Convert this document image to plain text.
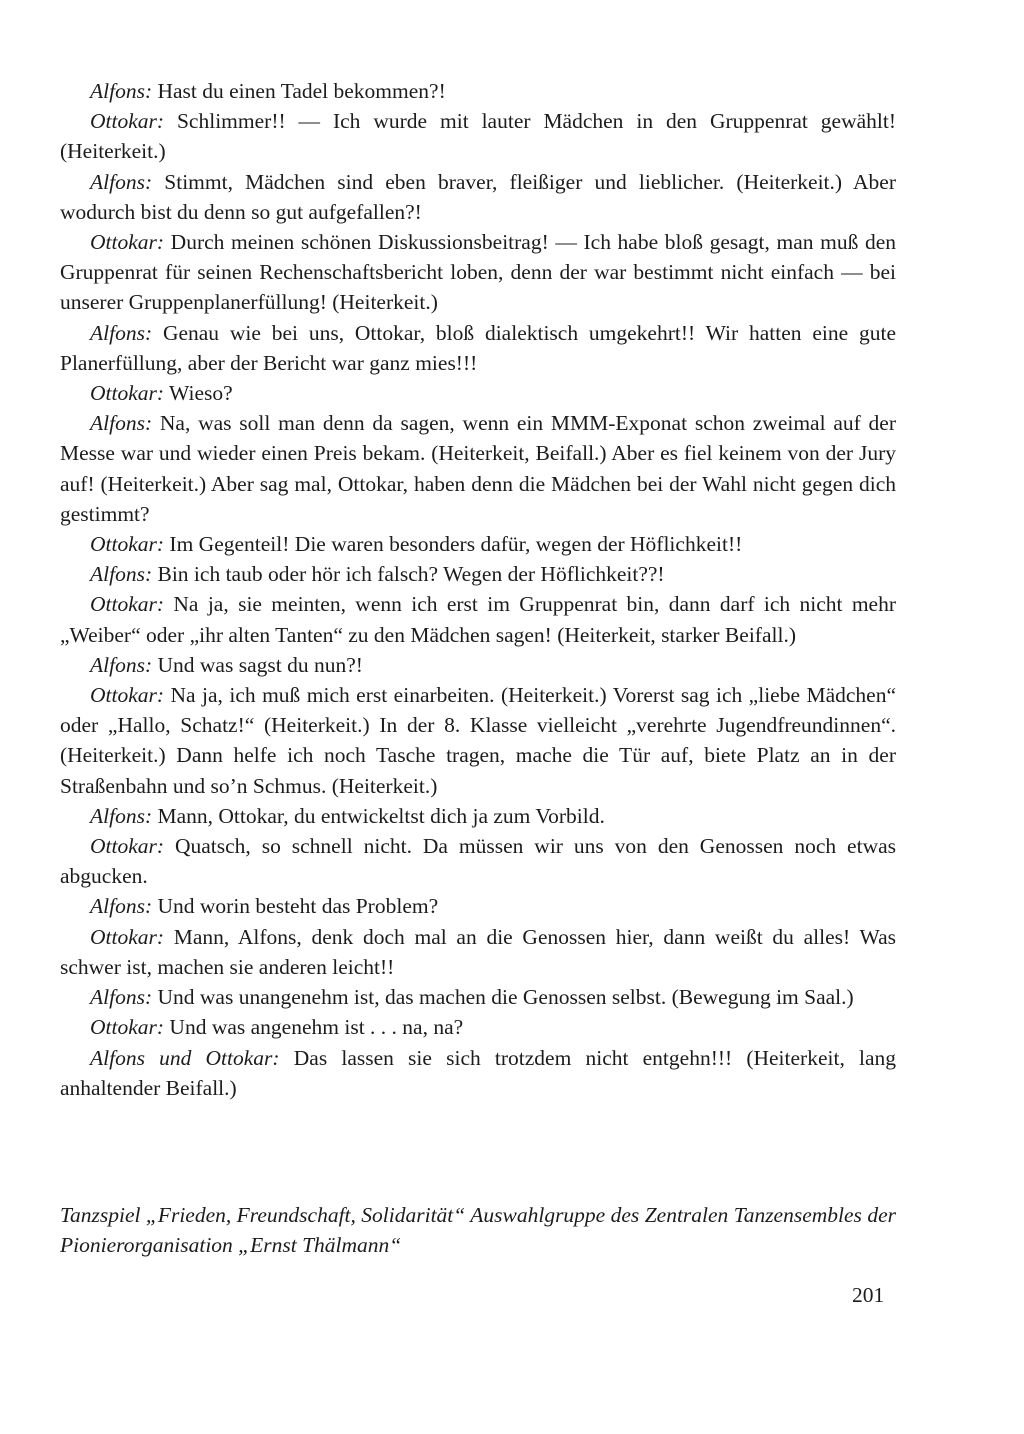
Alfons: Hast du einen Tadel bekommen?!

Ottokar: Schlimmer!! — Ich wurde mit lauter Mädchen in den Gruppenrat gewählt! (Heiterkeit.)

Alfons: Stimmt, Mädchen sind eben braver, fleißiger und lieblicher. (Heiterkeit.) Aber wodurch bist du denn so gut aufgefallen?!

Ottokar: Durch meinen schönen Diskussionsbeitrag! — Ich habe bloß gesagt, man muß den Gruppenrat für seinen Rechenschaftsbericht loben, denn der war bestimmt nicht einfach — bei unserer Gruppenplanerfüllung! (Heiterkeit.)

Alfons: Genau wie bei uns, Ottokar, bloß dialektisch umgekehrt!! Wir hatten eine gute Planerfüllung, aber der Bericht war ganz mies!!!

Ottokar: Wieso?

Alfons: Na, was soll man denn da sagen, wenn ein MMM-Exponat schon zweimal auf der Messe war und wieder einen Preis bekam. (Heiterkeit, Beifall.) Aber es fiel keinem von der Jury auf! (Heiterkeit.) Aber sag mal, Ottokar, haben denn die Mädchen bei der Wahl nicht gegen dich gestimmt?

Ottokar: Im Gegenteil! Die waren besonders dafür, wegen der Höflichkeit!!

Alfons: Bin ich taub oder hör ich falsch? Wegen der Höflichkeit??!

Ottokar: Na ja, sie meinten, wenn ich erst im Gruppenrat bin, dann darf ich nicht mehr „Weiber“ oder „ihr alten Tanten“ zu den Mädchen sagen! (Heiterkeit, starker Beifall.)

Alfons: Und was sagst du nun?!

Ottokar: Na ja, ich muß mich erst einarbeiten. (Heiterkeit.) Vorerst sag ich „liebe Mädchen“ oder „Hallo, Schatz!“ (Heiterkeit.) In der 8. Klasse vielleicht „verehrte Jugendfreundinnen“. (Heiterkeit.) Dann helfe ich noch Tasche tragen, mache die Tür auf, biete Platz an in der Straßenbahn und so’n Schmus. (Heiterkeit.)

Alfons: Mann, Ottokar, du entwickeltst dich ja zum Vorbild.

Ottokar: Quatsch, so schnell nicht. Da müssen wir uns von den Genossen noch etwas abgucken.

Alfons: Und worin besteht das Problem?

Ottokar: Mann, Alfons, denk doch mal an die Genossen hier, dann weißt du alles! Was schwer ist, machen sie anderen leicht!!

Alfons: Und was unangenehm ist, das machen die Genossen selbst. (Bewegung im Saal.)

Ottokar: Und was angenehm ist . . . na, na?

Alfons und Ottokar: Das lassen sie sich trotzdem nicht entgehn!!! (Heiterkeit, lang anhaltender Beifall.)

Tanzspiel „Frieden, Freundschaft, Solidarität“ Auswahlgruppe des Zentralen Tanzensembles der Pionierorganisation „Ernst Thälmann“

201
